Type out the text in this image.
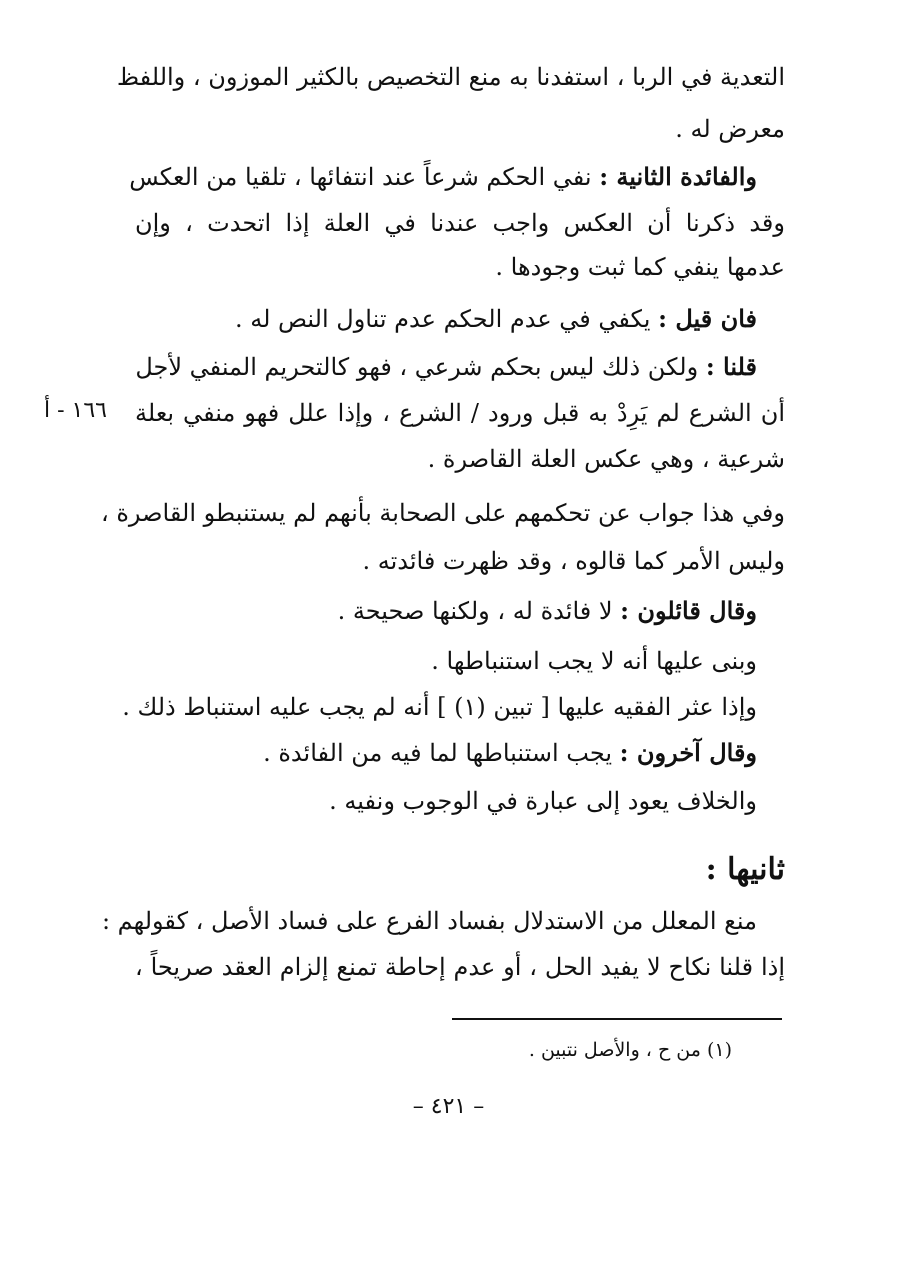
التعدية في الربا ، استفدنا به منع التخصيص بالكثير الموزون ، واللفظ
معرض له .
والفائدة الثانية : نفي الحكم شرعاً عند انتفائها ، تلقيا من العكس
وقد ذكرنا أن العكس واجب عندنا في العلة إذا اتحدت ، وإن
عدمها ينفي كما ثبت وجودها .
فان قيل : يكفي في عدم الحكم عدم تناول النص له .
قلنا : ولكن ذلك ليس بحكم شرعي ، فهو كالتحريم المنفي لأجل
أن الشرع لم يَرِدْ به قبل ورود / الشرع ، وإذا علل فهو منفي بعلة
شرعية ، وهي عكس العلة القاصرة .
١٦٦ - أ
وفي هذا جواب عن تحكمهم على الصحابة بأنهم لم يستنبطو القاصرة ،
وليس الأمر كما قالوه ، وقد ظهرت فائدته .
وقال قائلون : لا فائدة له ، ولكنها صحيحة .
وبنى عليها أنه لا يجب استنباطها .
وإذا عثر الفقيه عليها [ تبين (١) ] أنه لم يجب عليه استنباط ذلك .
وقال آخرون : يجب استنباطها لما فيه من الفائدة .
والخلاف يعود إلى عبارة في الوجوب ونفيه .
ثانيها :
منع المعلل من الاستدلال بفساد الفرع على فساد الأصل ، كقولهم :
إذا قلنا نكاح لا يفيد الحل ، أو عدم إحاطة تمنع إلزام العقد صريحاً ،
(١) من ح ، والأصل نتبين .
– ٤٢١ –
